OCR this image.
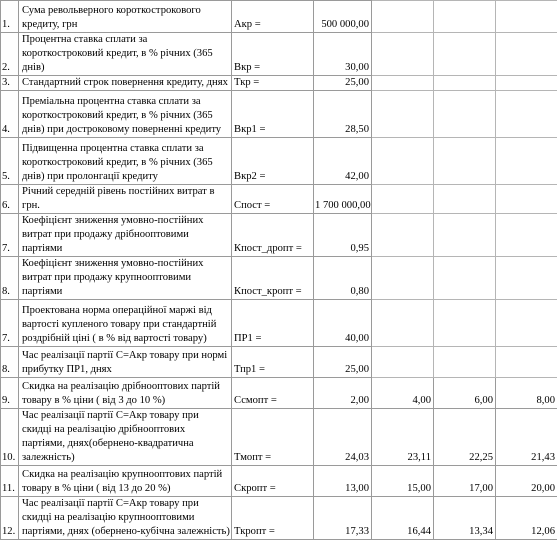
1.	Сума револьверного короткострокового кредиту, грн	Акр =	500 000,00			
2.	Процентна ставка сплати за короткостроковий кредит, в % річних (365 днів)	Вкр =	30,00			
3.	Стандартний строк повернення кредиту, днях	Ткр =	25,00			
4.	Премiальна процентна ставка сплати за короткостроковий кредит, в % річних (365 днів) при достроковому поверненні кредиту	Вкр1 =	28,50			
5.	Підвищенна процентна ставка сплати за короткостроковий кредит, в % річних (365 днів) при пролонгації кредиту	Вкр2 =	42,00			
6.	Річний середній рівень постійних витрат в грн.	Спост =	1 700 000,00			
7.	Коефіцієнт зниження умовно-постійних витрат при продажу дрібнооптовими партіями	Кпост_дропт =	0,95			
8.	Коефіцієнт зниження умовно-постійних витрат при продажу крупнооптовими партіями	Кпост_кропт =	0,80			
7.	Проектована норма операційної маржі від вартості купленого товару при стандартній роздрібній ціні ( в % від вартості товару)	ПР1 =	40,00			
8.	Час реалізації партії С=Акр товару при нормі прибутку ПР1, днях	Тпр1 =	25,00			
9.	Скидка на реалізацію дрібнооптових партій товару в % ціни ( від 3 до 10 %)	Ссмопт =	2,00	4,00	6,00	8,00
10.	Час реалізації партії С=Акр товару при скидці на реалізацію дрібнооптових партіями, днях(обернено-квадратична залежність)	Тмопт =	24,03	23,11	22,25	21,43
11.	Скидка на реалізацію крупнооптових партій товару в % ціни ( від 13 до 20 %)	Скропт =	13,00	15,00	17,00	20,00
12.	Час реалізації партії С=Акр товару при скидці на реалізацію крупнооптовими партіями, днях (обернено-кубічна залежність)	Ткропт =	17,33	16,44	13,34	12,06
